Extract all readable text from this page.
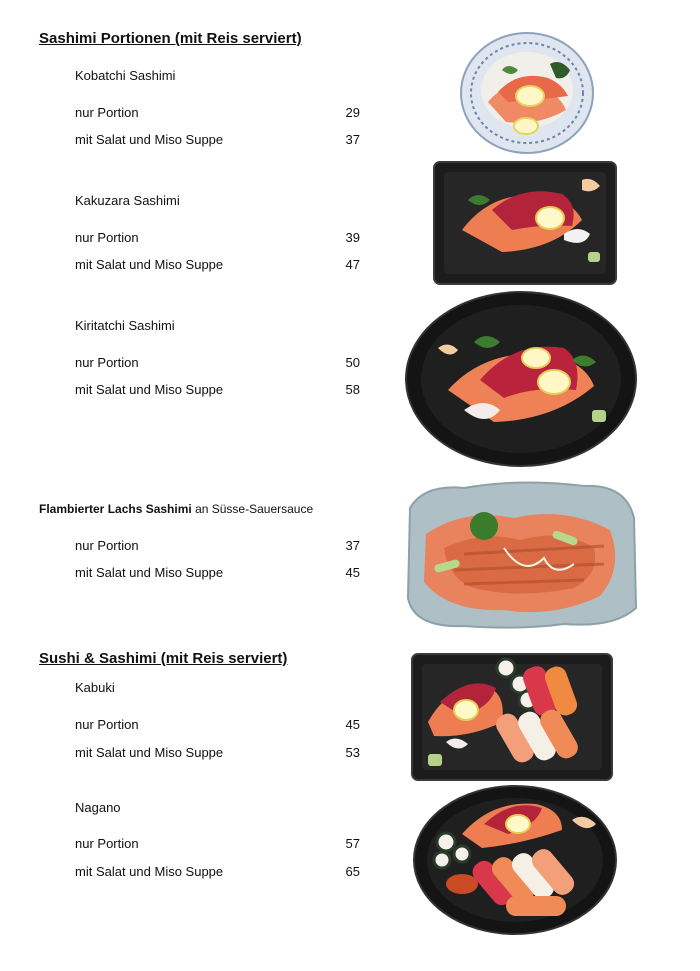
Sashimi Portionen (mit Reis serviert)
Kobatchi Sashimi
nur Portion	29
mit Salat und Miso Suppe	37
Kakuzara Sashimi
nur Portion	39
mit Salat und Miso Suppe	47
Kiritatchi Sashimi
nur Portion	50
mit Salat und Miso Suppe	58
Flambierter Lachs Sashimi an Süsse-Sauersauce
nur Portion	37
mit Salat und Miso Suppe	45
Sushi & Sashimi (mit Reis serviert)
Kabuki
nur Portion	45
mit Salat und Miso Suppe	53
Nagano
nur Portion	57
mit Salat und Miso Suppe	65
